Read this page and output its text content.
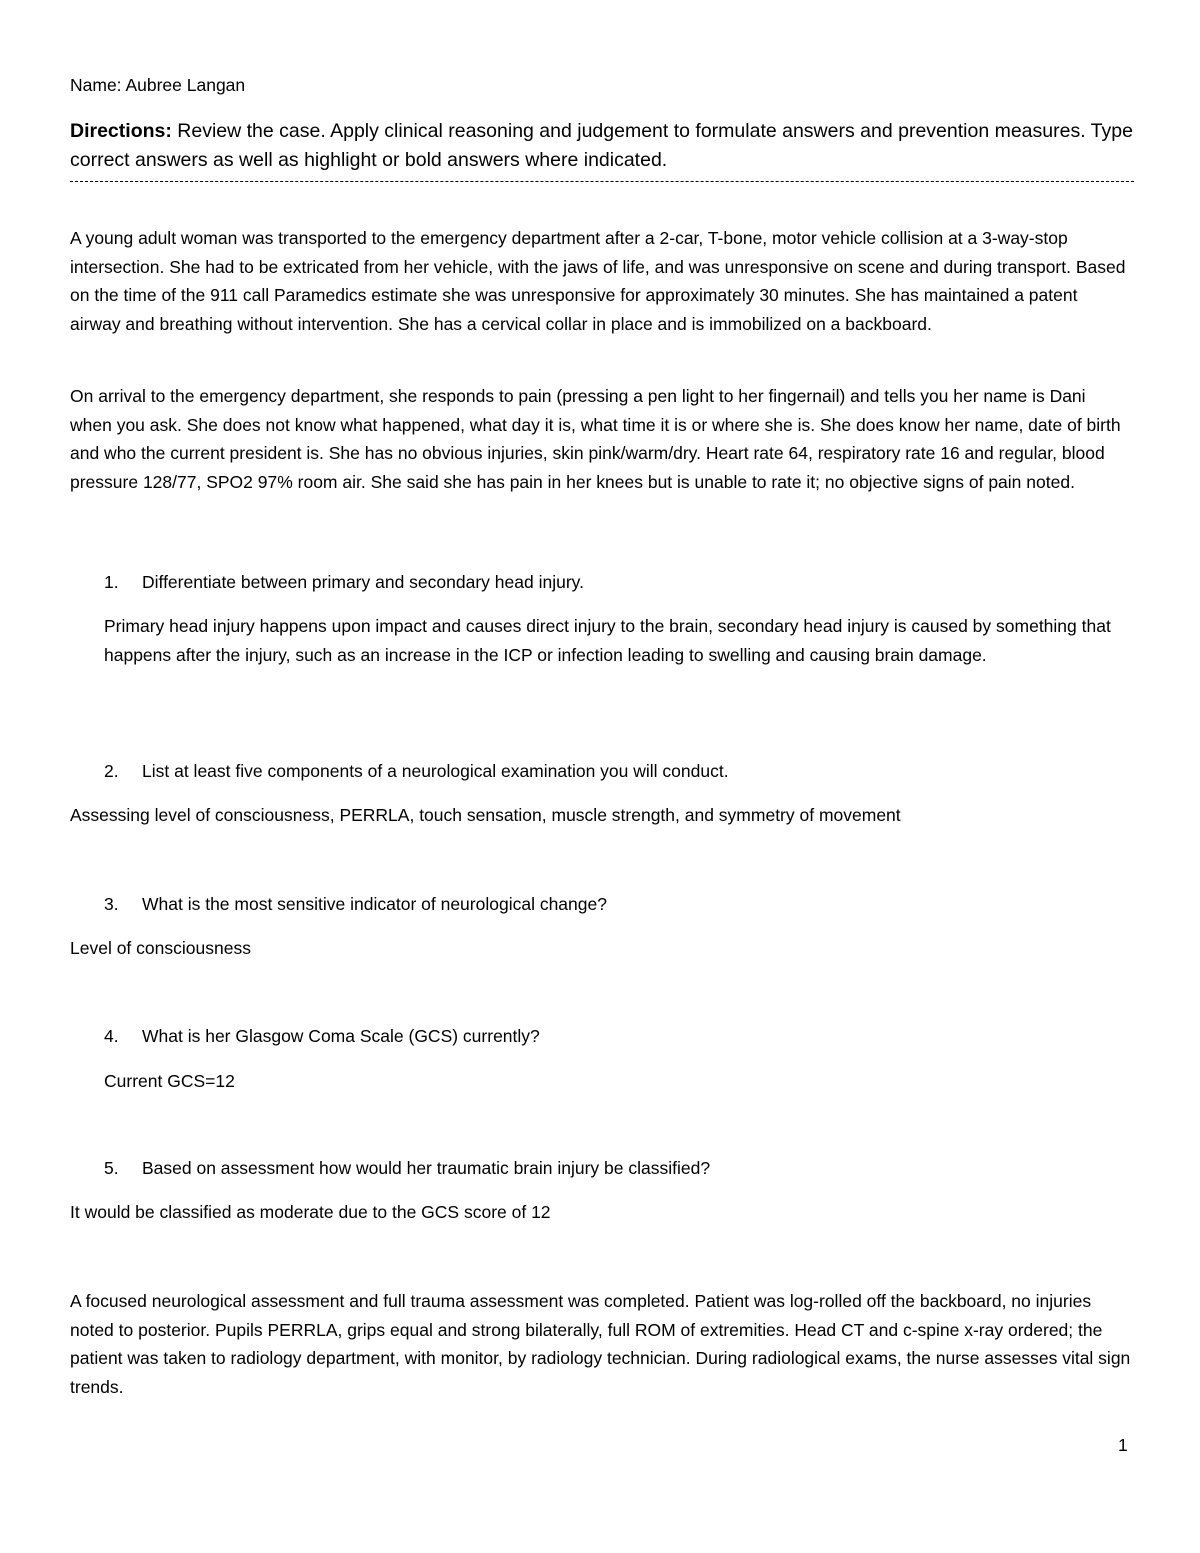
Name: Aubree Langan
Directions: Review the case. Apply clinical reasoning and judgement to formulate answers and prevention measures. Type correct answers as well as highlight or bold answers where indicated.
A young adult woman was transported to the emergency department after a 2-car, T-bone, motor vehicle collision at a 3-way-stop intersection. She had to be extricated from her vehicle, with the jaws of life, and was unresponsive on scene and during transport. Based on the time of the 911 call Paramedics estimate she was unresponsive for approximately 30 minutes. She has maintained a patent airway and breathing without intervention. She has a cervical collar in place and is immobilized on a backboard.
On arrival to the emergency department, she responds to pain (pressing a pen light to her fingernail) and tells you her name is Dani when you ask. She does not know what happened, what day it is, what time it is or where she is. She does know her name, date of birth and who the current president is. She has no obvious injuries, skin pink/warm/dry. Heart rate 64, respiratory rate 16 and regular, blood pressure 128/77, SPO2 97% room air. She said she has pain in her knees but is unable to rate it; no objective signs of pain noted.
1. Differentiate between primary and secondary head injury.
Primary head injury happens upon impact and causes direct injury to the brain, secondary head injury is caused by something that happens after the injury, such as an increase in the ICP or infection leading to swelling and causing brain damage.
2. List at least five components of a neurological examination you will conduct.
Assessing level of consciousness, PERRLA, touch sensation, muscle strength, and symmetry of movement
3. What is the most sensitive indicator of neurological change?
Level of consciousness
4. What is her Glasgow Coma Scale (GCS) currently?
Current GCS=12
5. Based on assessment how would her traumatic brain injury be classified?
It would be classified as moderate due to the GCS score of 12
A focused neurological assessment and full trauma assessment was completed. Patient was log-rolled off the backboard, no injuries noted to posterior. Pupils PERRLA, grips equal and strong bilaterally, full ROM of extremities. Head CT and c-spine x-ray ordered; the patient was taken to radiology department, with monitor, by radiology technician. During radiological exams, the nurse assesses vital sign trends.
1
